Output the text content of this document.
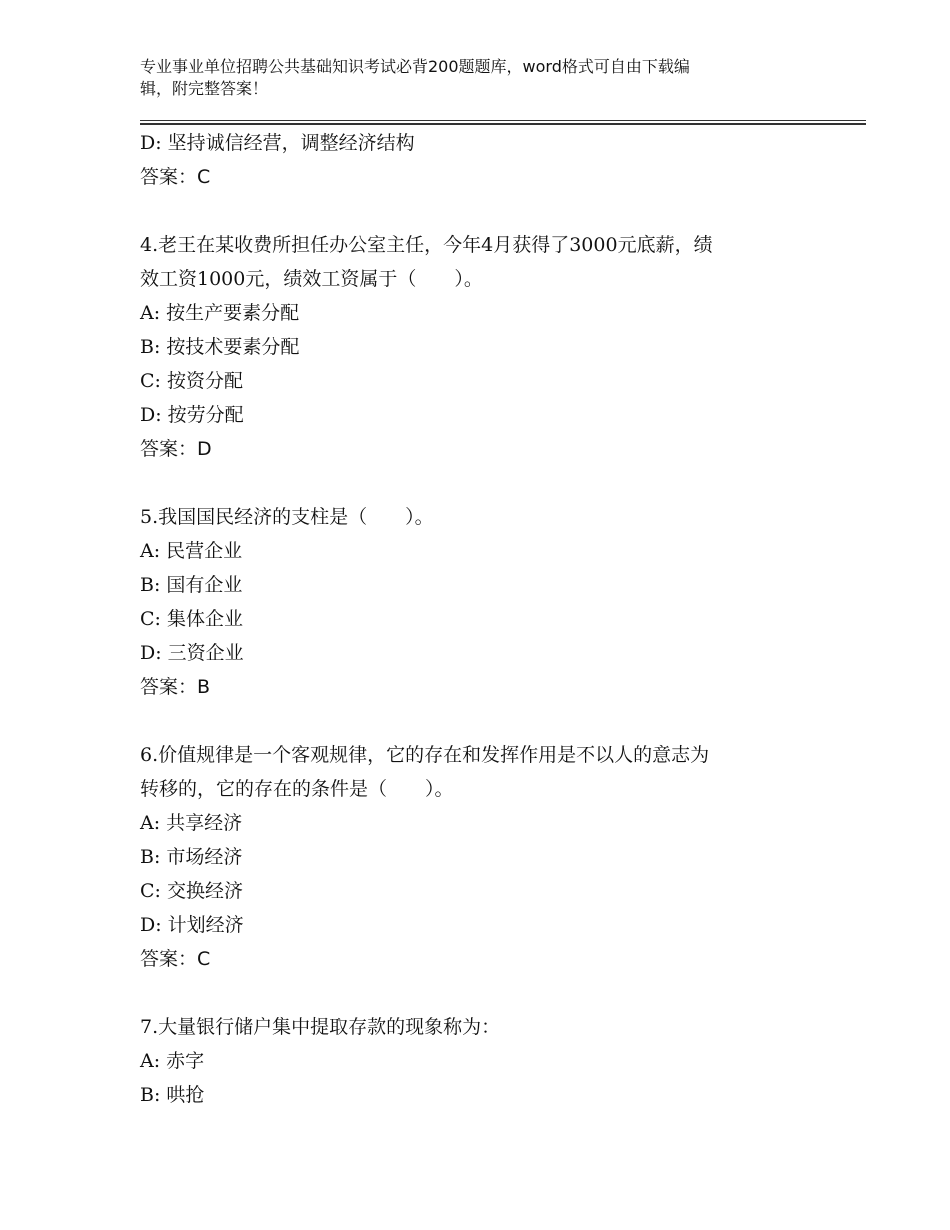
专业事业单位招聘公共基础知识考试必背200题题库，word格式可自由下载编
辑，附完整答案！

D: 坚持诚信经营，调整经济结构

答案：C

4.老王在某收费所担任办公室主任，今年4月获得了3000元底薪，绩

效工资1000元，绩效工资属于（　　）。

A: 按生产要素分配

B: 按技术要素分配

C: 按资分配

D: 按劳分配

答案：D

5.我国国民经济的支柱是（　　）。

A: 民营企业

B: 国有企业

C: 集体企业

D: 三资企业

答案：B

6.价值规律是一个客观规律，它的存在和发挥作用是不以人的意志为

转移的，它的存在的条件是（　　）。

A: 共享经济

B: 市场经济

C: 交换经济

D: 计划经济

答案：C

7.大量银行储户集中提取存款的现象称为：

A: 赤字

B: 哄抢
